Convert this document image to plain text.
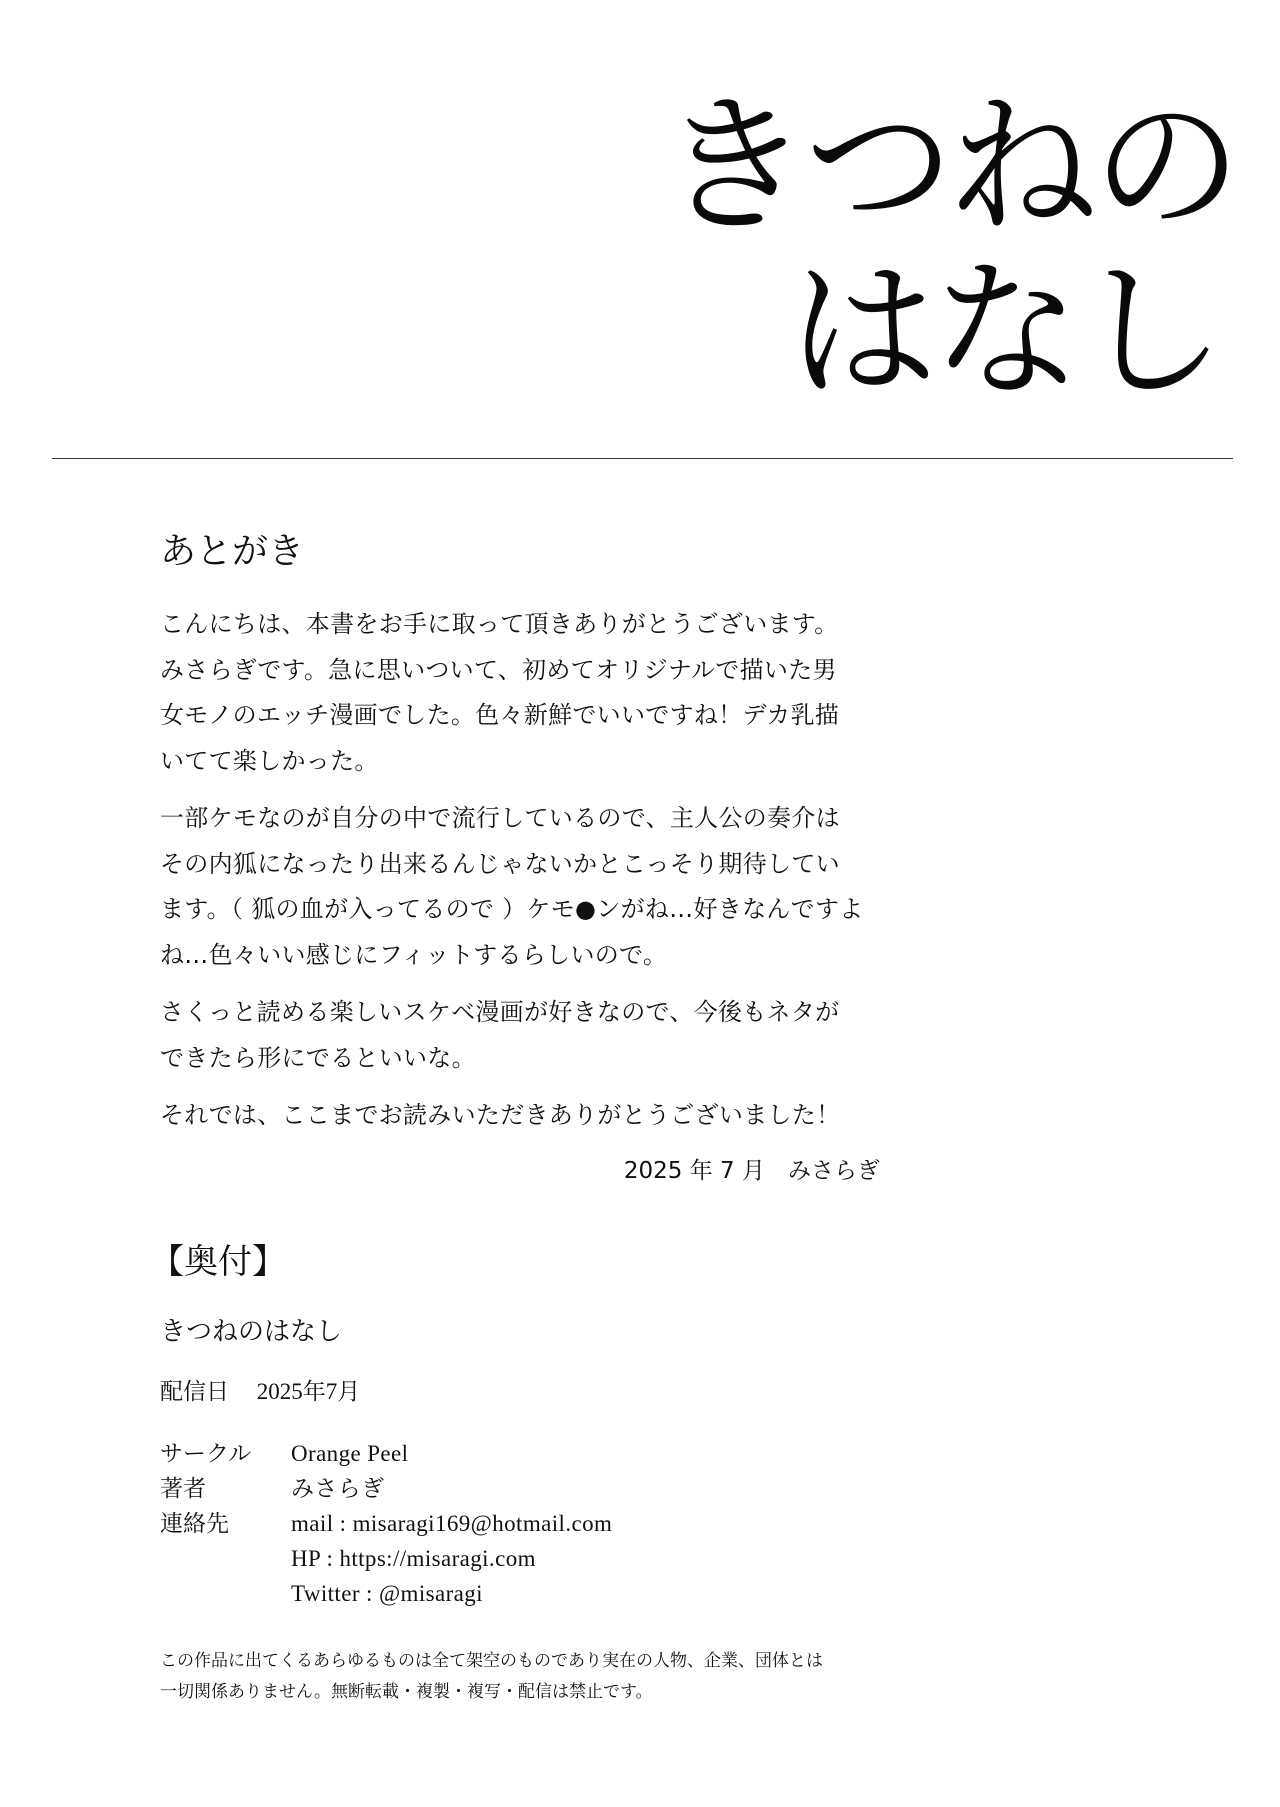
きつねの
はなし
あとがき

こんにちは、本書をお手に取って頂きありがとうございます。
みさらぎです。急に思いついて、初めてオリジナルで描いた男
女モノのエッチ漫画でした。色々新鮮でいいですね！デカ乳描
いてて楽しかった。

一部ケモなのが自分の中で流行しているので、主人公の奏介は
その内狐になったり出来るんじゃないかとこっそり期待してい
ます。（ 狐の血が入ってるので ）ケモ●ンがね…好きなんですよ
ね…色々いい感じにフィットするらしいので。

さくっと読める楽しいスケベ漫画が好きなので、今後もネタが
できたら形にでるといいな。

それでは、ここまでお読みいただきありがとうございました！

2025 年 7 月　みさらぎ
【奥付】
きつねのはなし
配信日 2025年7月
サークル	Orange Peel
著者	みさらぎ
連絡先	mail : misaragi169@hotmail.com
	HP : https://misaragi.com
	Twitter : @misaragi
この作品に出てくるあらゆるものは全て架空のものであり実在の人物、企業、団体とは
一切関係ありません。無断転載・複製・複写・配信は禁止です。
